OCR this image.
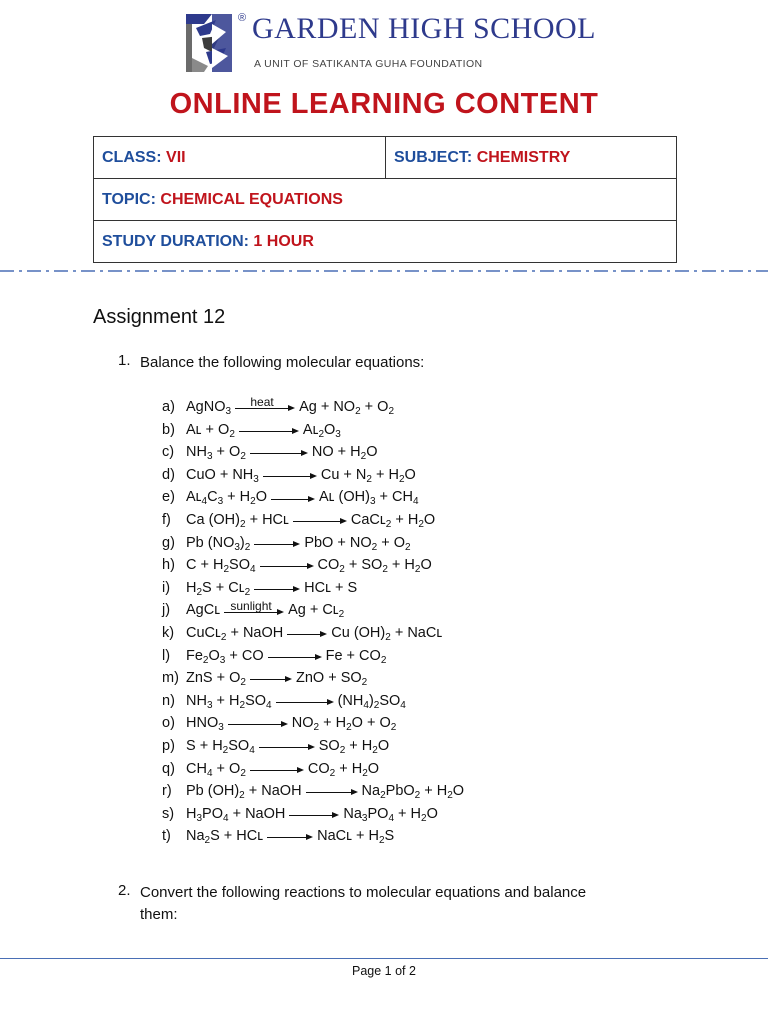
GARDEN HIGH SCHOOL
®
A UNIT OF SATIKANTA GUHA FOUNDATION
ONLINE LEARNING CONTENT
CLASS: VII	SUBJECT: CHEMISTRY
TOPIC: CHEMICAL EQUATIONS
STUDY DURATION: 1 HOUR
Assignment 12
1. Balance the following molecular equations:
a) AgNO$_3$
heat	$Ag + NO_2 + O_2$
b) Aʟ + $O_2$	$Aʟ_2O_3$
c) $NH_3 + O_2$	NO + $H_2O$
d) CuO + $NH_3$	$Cu + N_2 + H_2O$
e) $Aʟ_4C_3 + H_2O$	Aʟ $(OH)_3 + CH_4$
f) Ca $(OH)_2$ + HCʟ	CaCʟ$_2$ + $H_2O$
g) Pb $(NO_3)_2$	PbO + $NO_2 + O_2$
h) $C + H_2SO_4$	$CO_2 + SO_2 + H_2O$
i) $H_2S$ + Cʟ$_2$	HCʟ + S
j) AgCʟ sunlight	Ag + Cʟ$_2$
k) CuCʟ$_2$ + NaOH	Cu $(OH)_2$ + NaCʟ
l) $Fe_2O_3$ + CO	$Fe + CO_2$
m) ZnS + $O_2$	ZnO + $SO_2$
n) $NH_3 + H_2SO_4$	$(NH_4)_2SO_4$
o) $HNO_3$	$NO_2 + H_2O + O_2$
p) $S + H_2SO_4$	$SO_2 + H_2O$
q) $CH_4 + O_2$	$CO_2 + H_2O$
r) Pb $(OH)_2$ + NaOH	$Na_2PbO_2 + H_2O$
s) $H_3PO_4$ + NaOH	$Na_3PO_4 + H_2O$
t) $Na_2S$ + HCʟ	NaCʟ + $H_2S$
2. Convert the following reactions to molecular equations and balance
them:
Page 1 of 2
